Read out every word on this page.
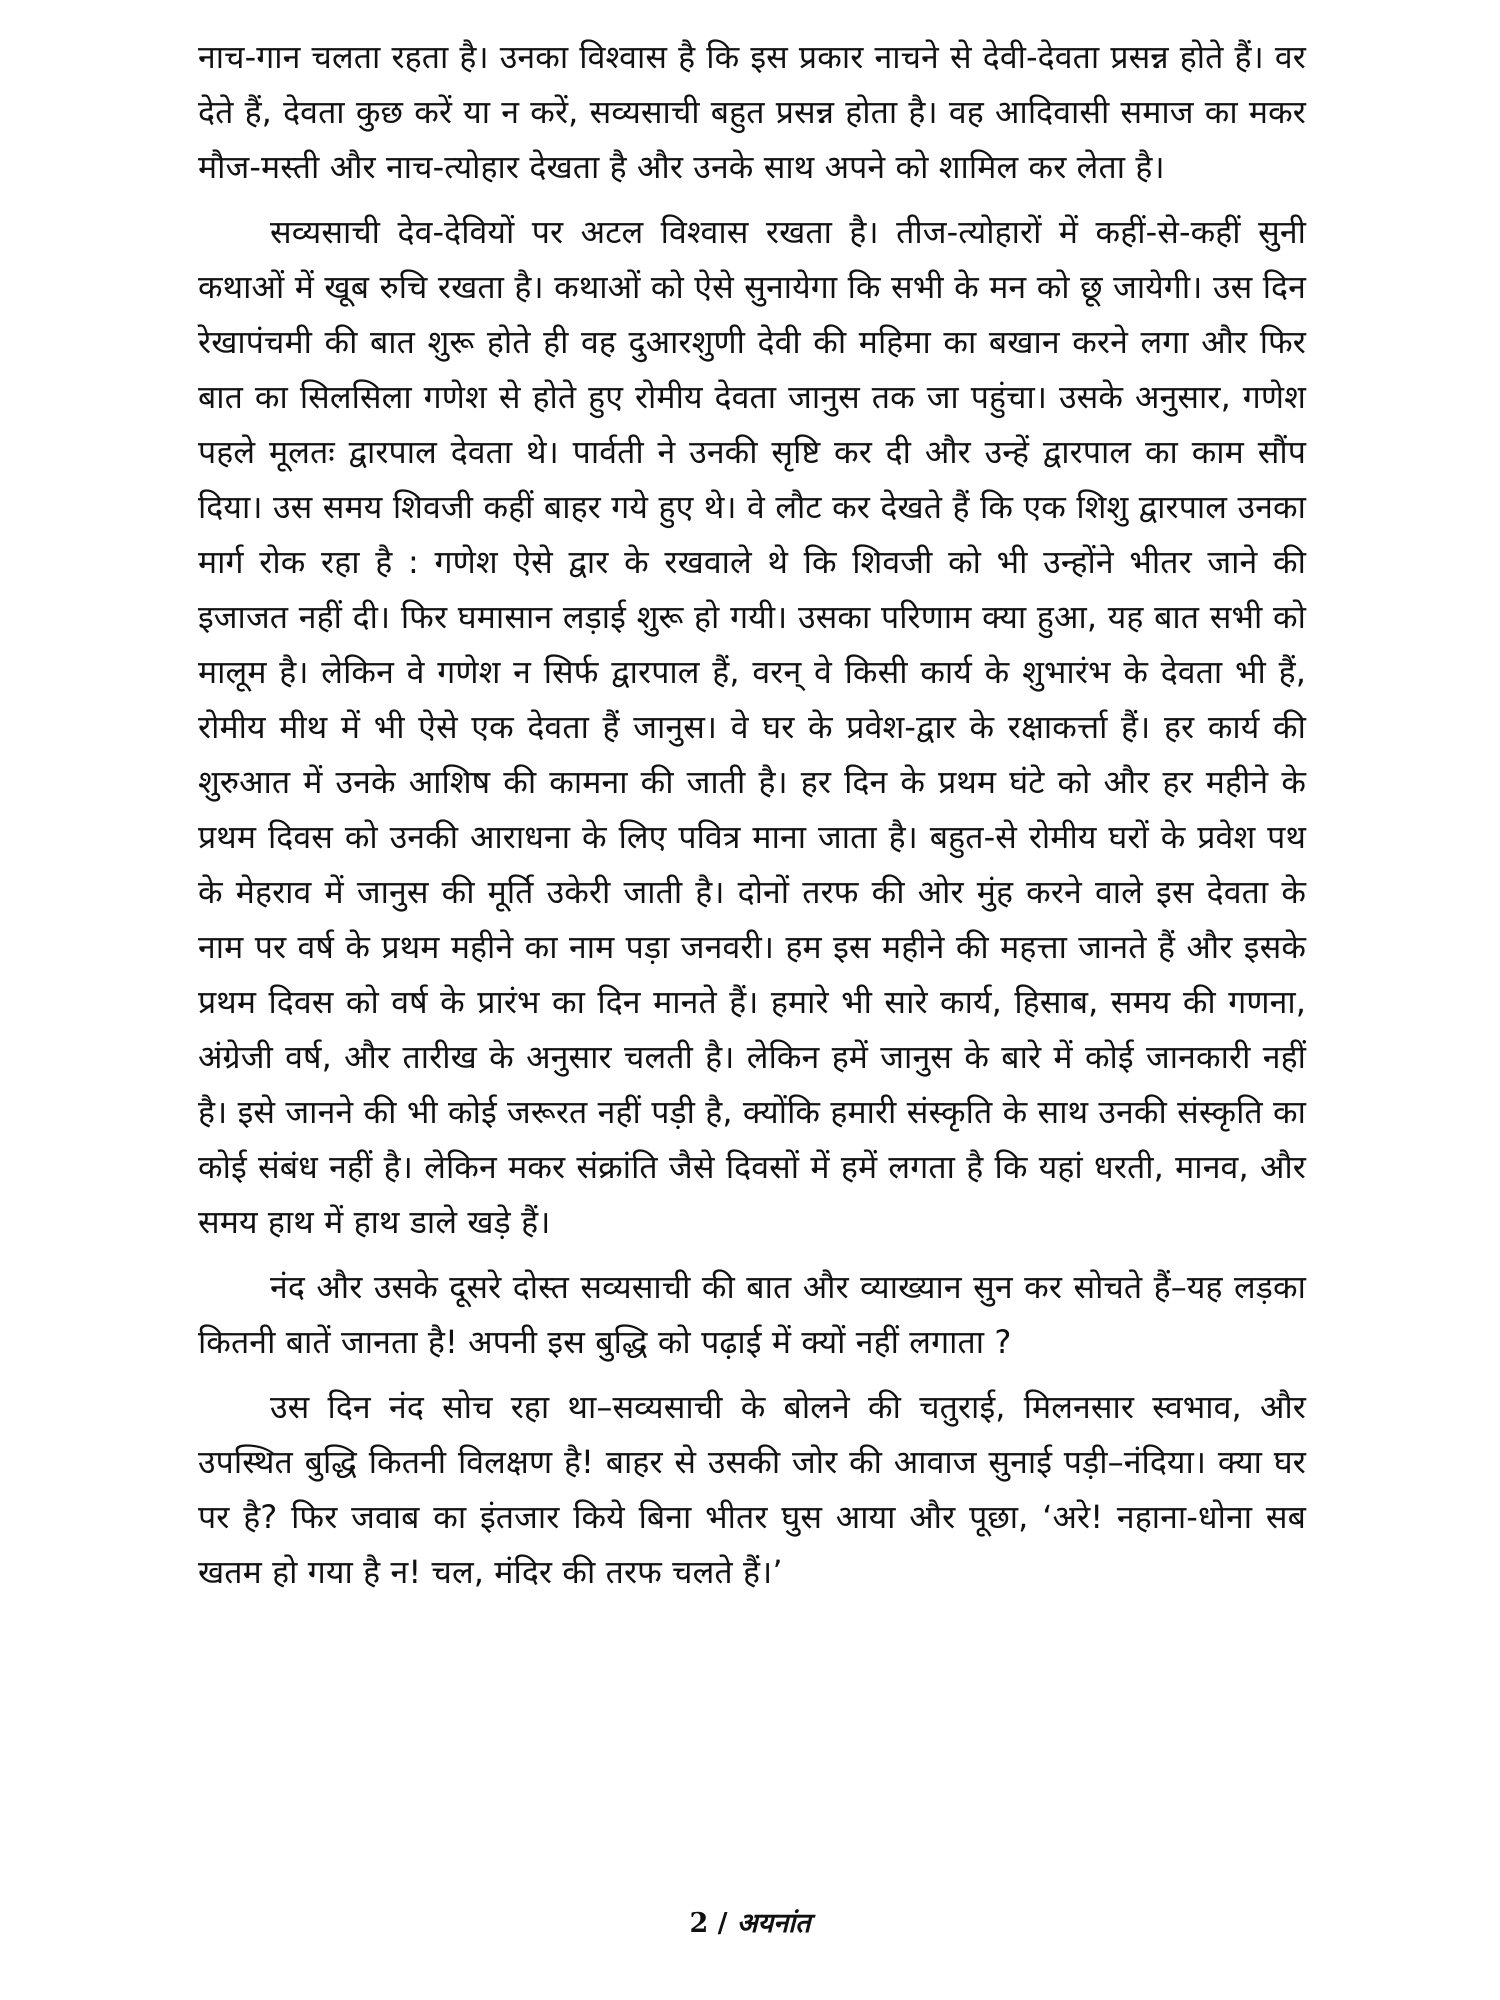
नाच-गान चलता रहता है। उनका विश्वास है कि इस प्रकार नाचने से देवी-देवता प्रसन्न होते हैं। वर देते हैं, देवता कुछ करें या न करें, सव्यसाची बहुत प्रसन्न होता है। वह आदिवासी समाज का मकर मौज-मस्ती और नाच-त्योहार देखता है और उनके साथ अपने को शामिल कर लेता है।

सव्यसाची देव-देवियों पर अटल विश्वास रखता है। तीज-त्योहारों में कहीं-से-कहीं सुनी कथाओं में खूब रुचि रखता है। कथाओं को ऐसे सुनायेगा कि सभी के मन को छू जायेगी। उस दिन रेखापंचमी की बात शुरू होते ही वह दुआरशुणी देवी की महिमा का बखान करने लगा और फिर बात का सिलसिला गणेश से होते हुए रोमीय देवता जानुस तक जा पहुंचा। उसके अनुसार, गणेश पहले मूलतः द्वारपाल देवता थे। पार्वती ने उनकी सृष्टि कर दी और उन्हें द्वारपाल का काम सौंप दिया। उस समय शिवजी कहीं बाहर गये हुए थे। वे लौट कर देखते हैं कि एक शिशु द्वारपाल उनका मार्ग रोक रहा है : गणेश ऐसे द्वार के रखवाले थे कि शिवजी को भी उन्होंने भीतर जाने की इजाजत नहीं दी। फिर घमासान लड़ाई शुरू हो गयी। उसका परिणाम क्या हुआ, यह बात सभी को मालूम है। लेकिन वे गणेश न सिर्फ द्वारपाल हैं, वरन् वे किसी कार्य के शुभारंभ के देवता भी हैं, रोमीय मीथ में भी ऐसे एक देवता हैं जानुस। वे घर के प्रवेश-द्वार के रक्षाकर्त्ता हैं। हर कार्य की शुरुआत में उनके आशिष की कामना की जाती है। हर दिन के प्रथम घंटे को और हर महीने के प्रथम दिवस को उनकी आराधना के लिए पवित्र माना जाता है। बहुत-से रोमीय घरों के प्रवेश पथ के मेहराव में जानुस की मूर्ति उकेरी जाती है। दोनों तरफ की ओर मुंह करने वाले इस देवता के नाम पर वर्ष के प्रथम महीने का नाम पड़ा जनवरी। हम इस महीने की महत्ता जानते हैं और इसके प्रथम दिवस को वर्ष के प्रारंभ का दिन मानते हैं। हमारे भी सारे कार्य, हिसाब, समय की गणना, अंग्रेजी वर्ष, और तारीख के अनुसार चलती है। लेकिन हमें जानुस के बारे में कोई जानकारी नहीं है। इसे जानने की भी कोई जरूरत नहीं पड़ी है, क्योंकि हमारी संस्कृति के साथ उनकी संस्कृति का कोई संबंध नहीं है। लेकिन मकर संक्रांति जैसे दिवसों में हमें लगता है कि यहां धरती, मानव, और समय हाथ में हाथ डाले खड़े हैं।

नंद और उसके दूसरे दोस्त सव्यसाची की बात और व्याख्यान सुन कर सोचते हैं–यह लड़का कितनी बातें जानता है! अपनी इस बुद्धि को पढ़ाई में क्यों नहीं लगाता ?

उस दिन नंद सोच रहा था–सव्यसाची के बोलने की चतुराई, मिलनसार स्वभाव, और उपस्थित बुद्धि कितनी विलक्षण है! बाहर से उसकी जोर की आवाज सुनाई पड़ी–नंदिया। क्या घर पर है? फिर जवाब का इंतजार किये बिना भीतर घुस आया और पूछा, ‘अरे! नहाना-धोना सब खतम हो गया है न! चल, मंदिर की तरफ चलते हैं।’

2 / अयनांत
